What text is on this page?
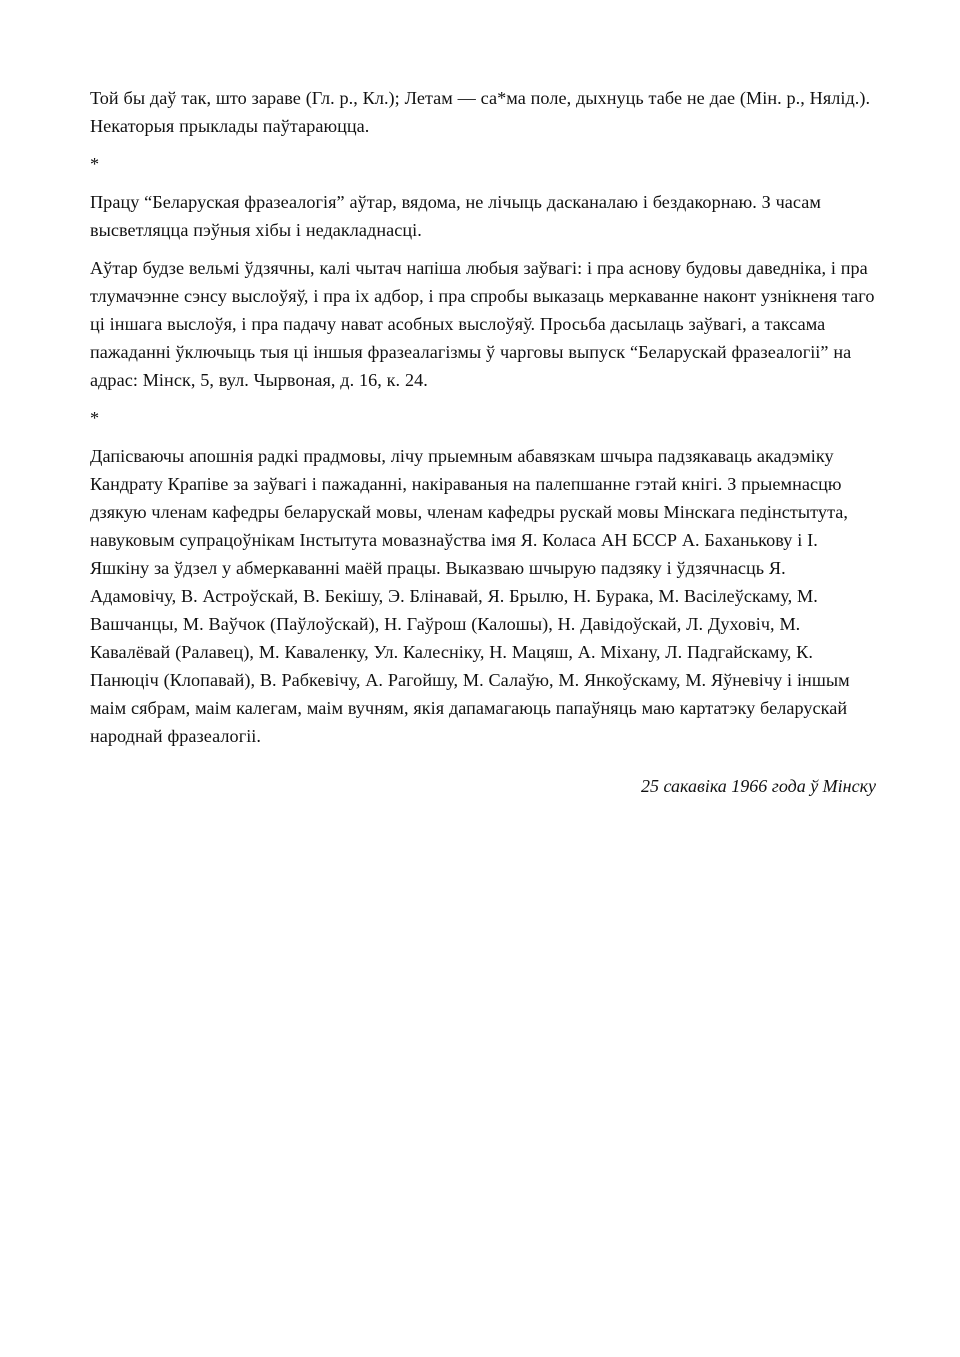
Той бы даў так, што зараве (Гл. р., Кл.); Летам — са*ма поле, дыхнуць табе не дае (Мін. р., Нялід.). Некаторыя прыклады паўтараюцца.

*

Працу “Беларуская фразеалогія” аўтар, вядома, не лічыць дасканалаю і бездакорнаю. З часам высветляцца пэўныя хібы і недакладнасці.

Аўтар будзе вельмі ўдзячны, калі чытач напіша любыя заўвагі: і пра аснову будовы даведніка, і пра тлумачэнне сэнсу выслоўяў, і пра іх адбор, і пра спробы выказаць меркаванне наконт узнікненя таго ці іншага выслоўя, і пра падачу нават асобных выслоўяў. Просьба дасылаць заўвагі, а таксама пажаданні ўключыць тыя ці іншыя фразеалагізмы ў чарговы выпуск “Беларускай фразеалогіі” на адрас: Мінск, 5, вул. Чырвоная, д. 16, к. 24.

*

Дапісваючы апошнія радкі прадмовы, лічу прыемным абавязкам шчыра падзякаваць акадэміку Кандрату Крапіве за заўвагі і пажаданні, накіраваныя на палепшанне гэтай кнігі. З прыемнасцю дзякую членам кафедры беларускай мовы, членам кафедры рускай мовы Мінскага педінстытута, навуковым супрацоўнікам Інстытута мовазнаўства імя Я. Коласа АН БССР А. Баханькову і І. Яшкіну за ўдзел у абмеркаванні маёй працы. Выказваю шчырую падзяку і ўдзячнасць Я. Адамовічу, В. Астроўскай, В. Бекішу, Э. Блінавай, Я. Брылю, Н. Бурака, М. Васілеўскаму, М. Вашчанцы, М. Ваўчок (Паўлоўскай), Н. Гаўрош (Калошы), Н. Давідоўскай, Л. Духовіч, М. Кавалёвай (Ралавец), М. Каваленку, Ул. Калесніку, Н. Мацяш, А. Міхану, Л. Падгайскаму, К. Панюціч (Клопавай), В. Рабкевічу, А. Рагойшу, М. Салаўю, М. Янкоўскаму, М. Яўневічу і іншым маім сябрам, маім калегам, маім вучням, якія дапамагаюць папаўняць маю картатэку беларускай народнай фразеалогіі.

25 сакавіка 1966 года ў Мінску
